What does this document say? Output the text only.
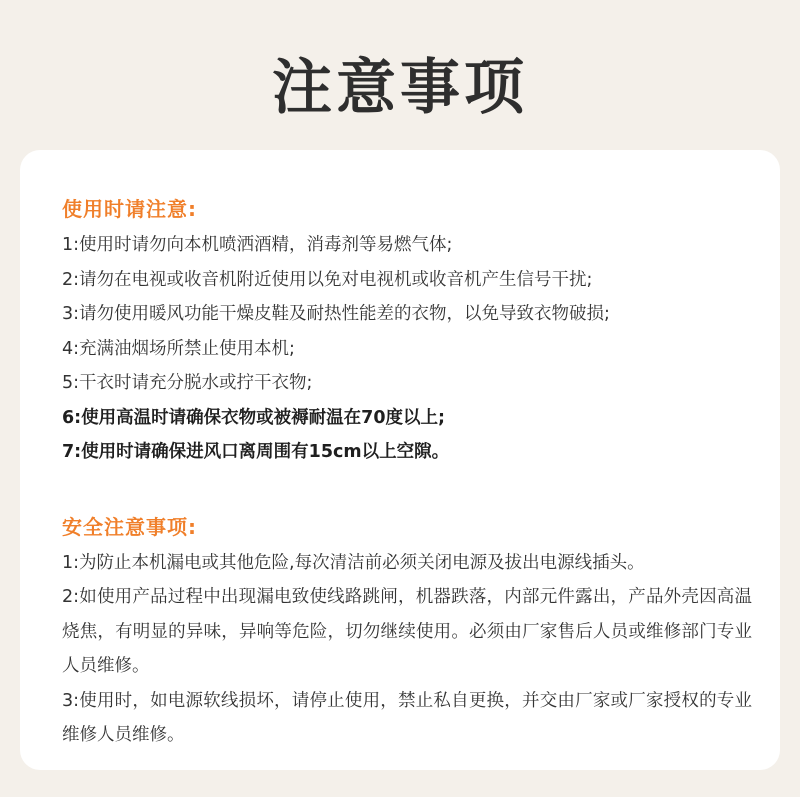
注意事项

使用时请注意:

1:使用时请勿向本机喷洒酒精，消毒剂等易燃气体;

2:请勿在电视或收音机附近使用以免对电视机或收音机产生信号干扰;

3:请勿使用暖风功能干燥皮鞋及耐热性能差的衣物，以免导致衣物破损;

4:充满油烟场所禁止使用本机;

5:干衣时请充分脱水或拧干衣物;

6:使用高温时请确保衣物或被褥耐温在70度以上;

7:使用时请确保进风口离周围有15cm以上空隙。

安全注意事项:

1:为防止本机漏电或其他危险,每次清洁前必须关闭电源及拔出电源线插头。

2:如使用产品过程中出现漏电致使线路跳闸，机器跌落，内部元件露出，产品外壳因高温烧焦，有明显的异味，异响等危险，切勿继续使用。必须由厂家售后人员或维修部门专业人员维修。

3:使用时，如电源软线损坏，请停止使用，禁止私自更换，并交由厂家或厂家授权的专业维修人员维修。
